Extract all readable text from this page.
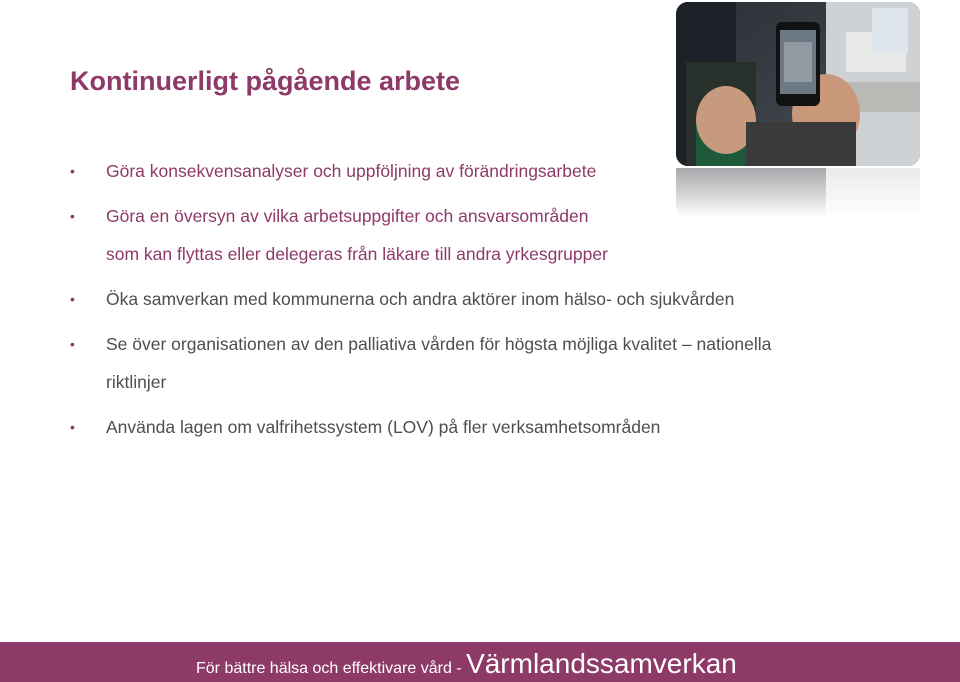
Kontinuerligt pågående arbete
• Göra konsekvensanalyser och uppföljning av förändringsarbete
• Göra en översyn av vilka arbetsuppgifter och ansvarsområden
som kan flyttas eller delegeras från läkare till andra yrkesgrupper
• Öka samverkan med kommunerna och andra aktörer inom hälso- och sjukvården
• Se över organisationen av den palliativa vården för högsta möjliga kvalitet – nationella
riktlinjer
• Använda lagen om valfrihetssystem (LOV) på fler verksamhetsområden
För bättre hälsa och effektivare vård - Värmlandssamverkan
